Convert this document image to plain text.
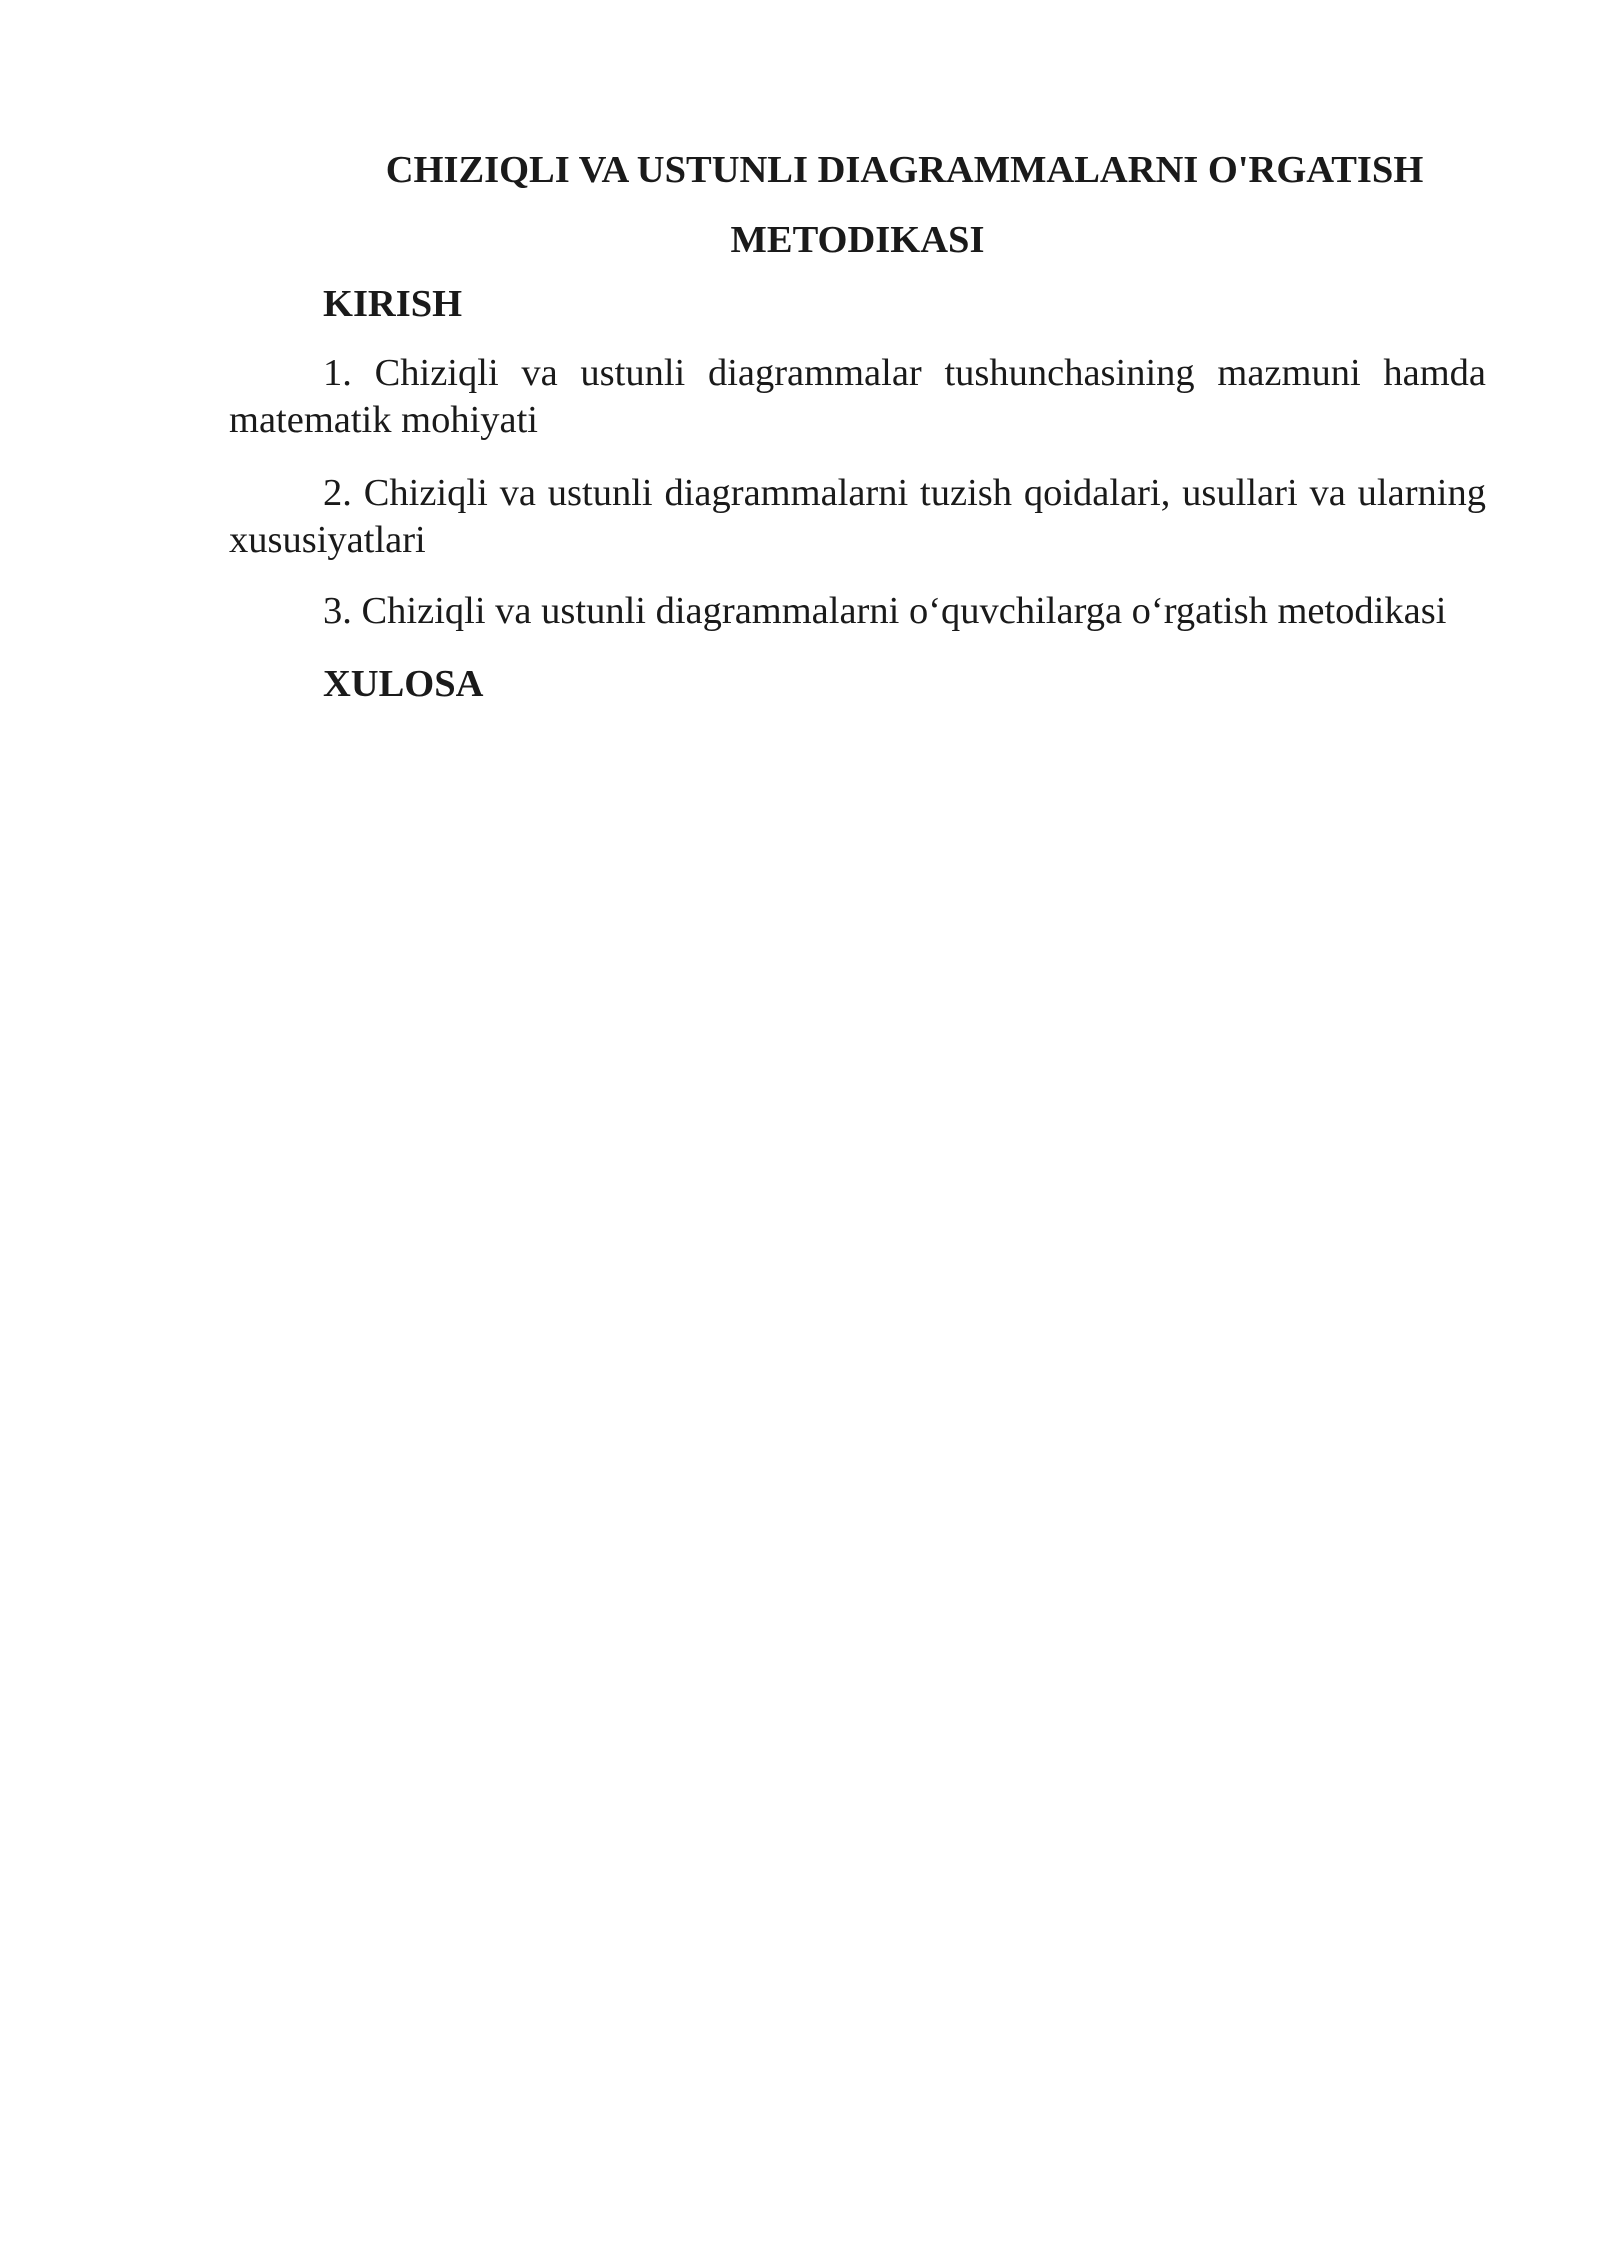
CHIZIQLI VA USTUNLI DIAGRAMMALARNI O'RGATISH
METODIKASI
KIRISH
1. Chiziqli va ustunli diagrammalar tushunchasining mazmuni hamda
matematik mohiyati
2. Chiziqli va ustunli diagrammalarni tuzish qoidalari, usullari va ularning
xususiyatlari
3. Chiziqli va ustunli diagrammalarni o‘quvchilarga o‘rgatish metodikasi
XULOSA
